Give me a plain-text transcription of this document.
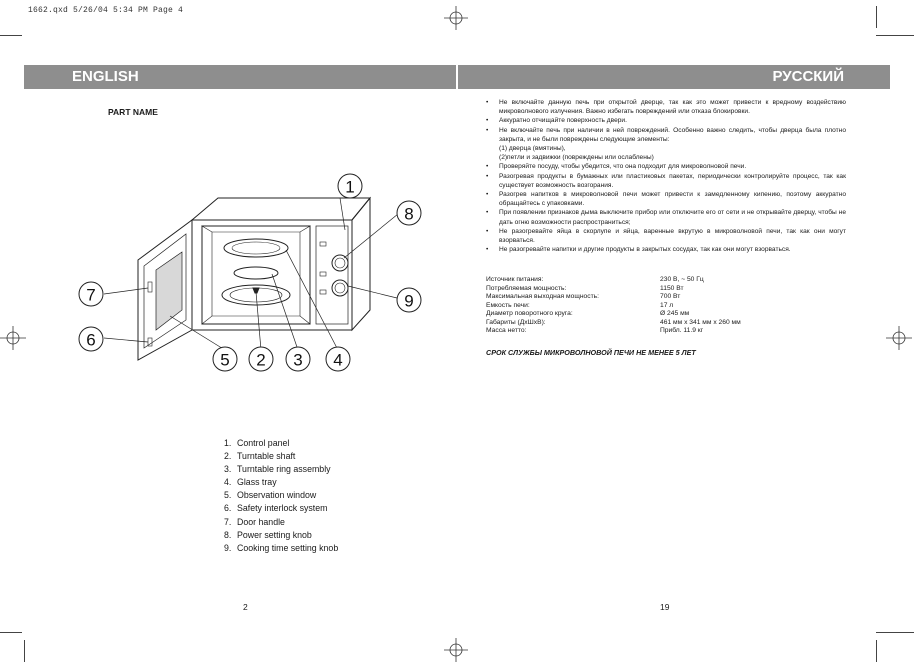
1662.qxd 5/26/04 5:34 PM Page 4
ENGLISH	РУССКИЙ
PART NAME
1
8
9
4
3
2
5
7
6
1. Control panel
2. Turntable shaft
3. Turntable ring assembly
4. Glass tray
5. Observation window
6. Safety interlock system
7. Door handle
8. Power setting knob
9. Cooking time setting knob
2	19
• Не включайте данную печь при открытой дверце, так как это может привести к вредному воздействию микроволнового излучения. Важно избегать повреждений или отказа блокировки.
• Аккуратно отчищайте поверхность двери.
• Не включайте печь при наличии в ней повреждений. Особенно важно следить, чтобы дверца была плотно закрыта, и не были повреждены следующие элементы:
(1) дверца (вмятины),
(2)петли и задвижки (повреждены или ослаблены)
• Проверяйте посуду, чтобы убедится, что она подходит для микроволновой печи.
• Разогревая продукты в бумажных или пластиковых пакетах, периодически контролируйте процесс, так как существует возможность возгорания.
• Разогрев напитков в микроволновой печи может привести к замедленному кипению, поэтому аккуратно обращайтесь с упаковками.
• При появлении признаков дыма выключите прибор или отключите его от сети и не открывайте дверцу, чтобы не дать огню возможности распространиться;
• Не разогревайте яйца в скорлупе и яйца, варенные вкрутую в микроволновой печи, так как они могут взорваться.
• Не разогревайте напитки и другие продукты в закрытых сосудах, так как они могут взорваться.
Источник питания:	230 В, ~ 50 Гц
Потребляемая мощность:	1150 Вт
Максимальная выходная мощность:	700 Вт
Емкость печи:	17 л
Диаметр поворотного круга:	Ø 245 мм
Габариты (ДхШхВ):	461 мм x 341 мм x 260 мм
Масса нетто:	Прибл. 11.9 кг
СРОК СЛУЖБЫ МИКРОВОЛНОВОЙ ПЕЧИ НЕ МЕНЕЕ 5 ЛЕТ
